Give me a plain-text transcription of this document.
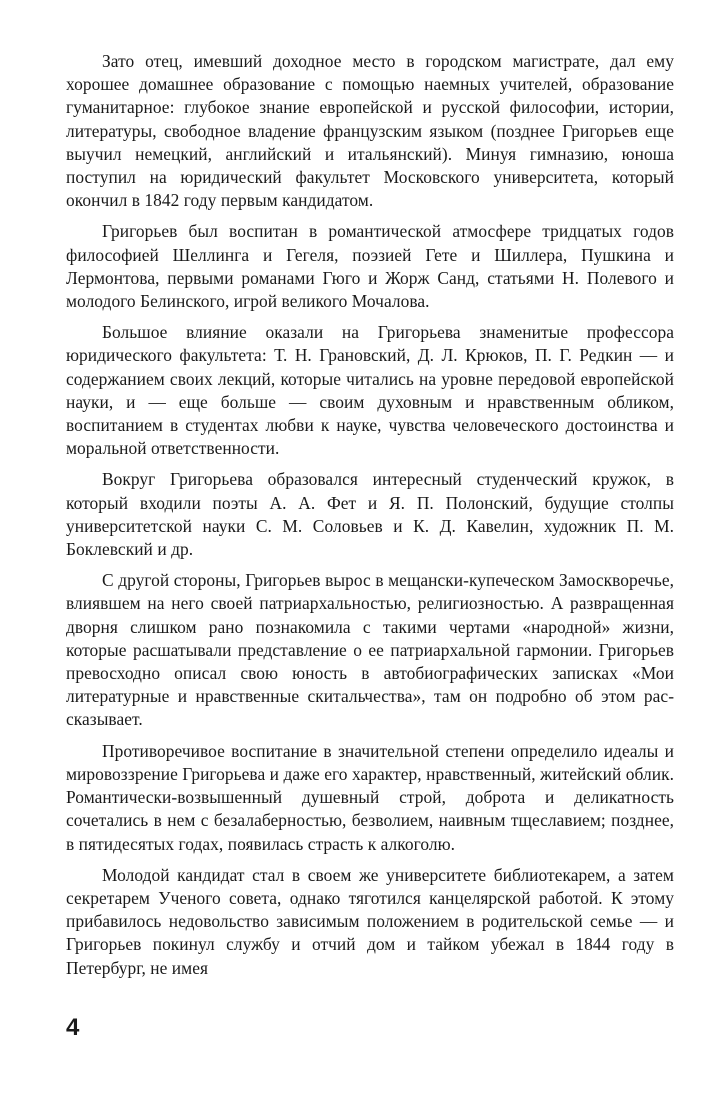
Зато отец, имевший доходное место в городском магистрате, дал ему хорошее домашнее образование с помощью наемных учителей, образование гуманитарное: глубокое знание европейской и русской философии, истории, литературы, свободное владение французским языком (позднее Григорьев еще выучил немецкий, английский и итальянский). Минуя гимназию, юноша поступил на юридический факультет Московского университета, который окончил в 1842 году первым кандидатом.

Григорьев был воспитан в романтической атмосфере тридцатых годов философией Шеллинга и Гегеля, поэзией Гете и Шиллера, Пушкина и Лермонтова, первыми романами Гюго и Жорж Санд, статьями Н. Полевого и молодого Белинского, игрой великого Мочалова.

Большое влияние оказали на Григорьева знаменитые профессора юридического факультета: Т. Н. Грановский, Д. Л. Крюков, П. Г. Редкин — и содержанием своих лекций, которые читались на уровне передовой европейской науки, и — еще больше — своим духовным и нравственным обликом, воспитанием в студентах любви к науке, чувства человеческого достоинства и моральной ответственности.

Вокруг Григорьева образовался интересный студенческий кружок, в который входили поэты А. А. Фет и Я. П. Полонский, будущие столпы университетской науки С. М. Соловьев и К. Д. Кавелин, художник П. М. Боклевский и др.

С другой стороны, Григорьев вырос в мещански-купеческом Замоскворечье, влиявшем на него своей патриархальностью, религиозностью. А развращенная дворня слишком рано познакомила с такими чертами «народной» жизни, которые расшатывали представление о ее патриархальной гармонии. Григорьев превосходно описал свою юность в автобиографических записках «Мои литературные и нравственные скитальчества», там он подробно об этом рассказывает.

Противоречивое воспитание в значительной степени определило идеалы и мировоззрение Григорьева и даже его характер, нравственный, житейский облик. Романтически-возвышенный душевный строй, доброта и деликатность сочетались в нем с безалаберностью, безволием, наивным тщеславием; позднее, в пятидесятых годах, появилась страсть к алкоголю.

Молодой кандидат стал в своем же университете библиотекарем, а затем секретарем Ученого совета, однако тяготился канцелярской работой. К этому прибавилось недовольство зависимым положением в родительской семье — и Григорьев покинул службу и отчий дом и тайком убежал в 1844 году в Петербург, не имея

4
